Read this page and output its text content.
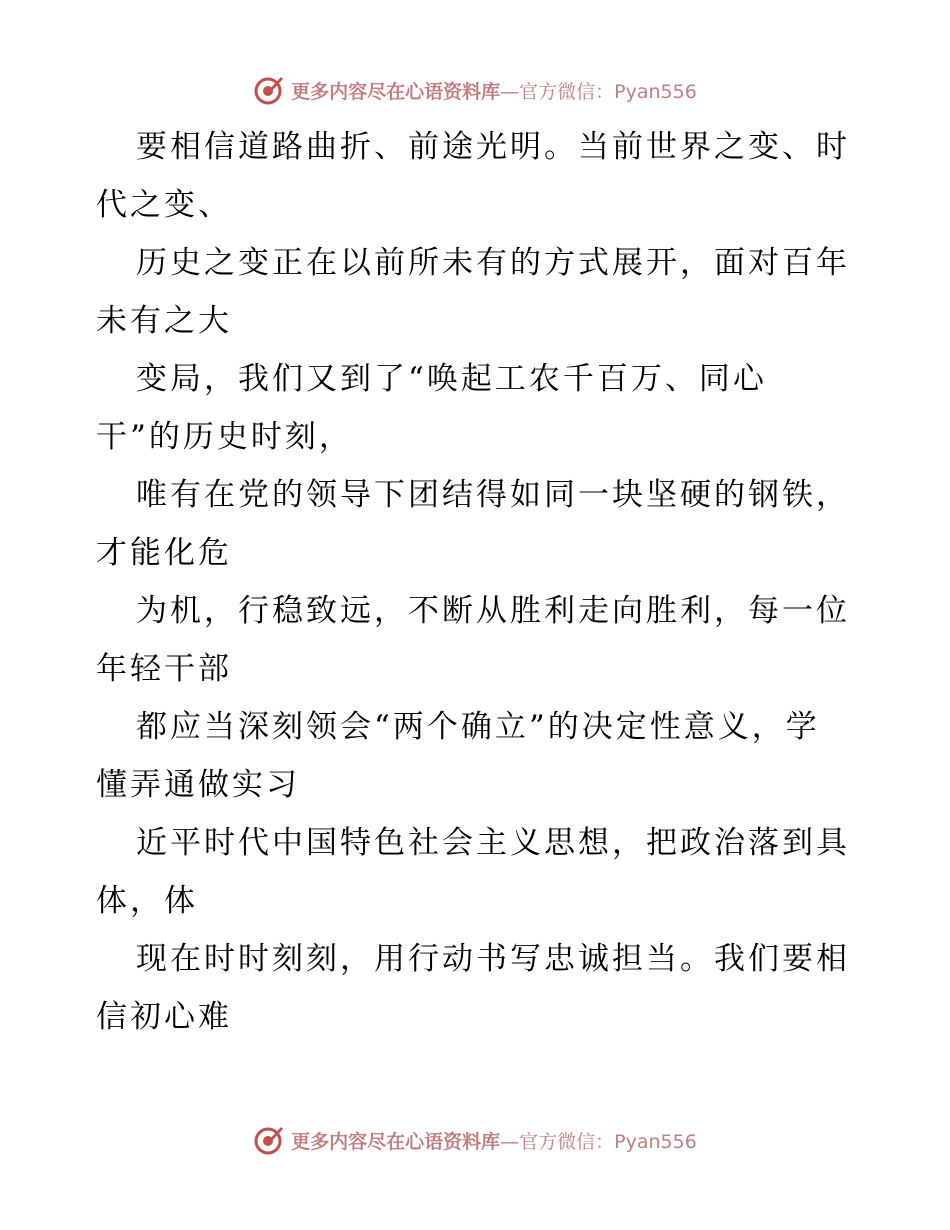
更多内容尽在心语资料库—官方微信：Pyan556
要相信道路曲折、前途光明。当前世界之变、时
代之变、
历史之变正在以前所未有的方式展开，面对百年
未有之大
变局，我们又到了“唤起工农千百万、同心
干”的历史时刻，
唯有在党的领导下团结得如同一块坚硬的钢铁，
才能化危
为机，行稳致远，不断从胜利走向胜利，每一位
年轻干部
都应当深刻领会“两个确立”的决定性意义，学
懂弄通做实习
近平时代中国特色社会主义思想，把政治落到具
体，体
现在时时刻刻，用行动书写忠诚担当。我们要相
信初心难
更多内容尽在心语资料库—官方微信：Pyan556
